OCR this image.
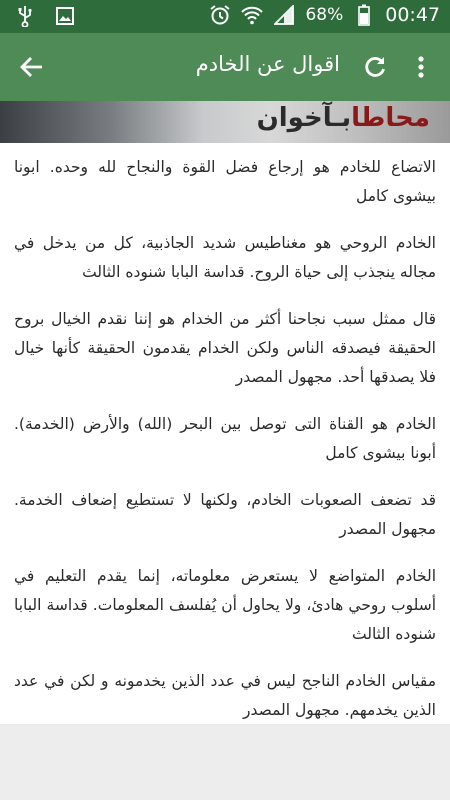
68% 00:47
اقوال عن الخادم
محاطابـآخوان

الاتضاع للخادم هو إرجاع فضل القوة والنجاح لله وحده. ابونا بيشوى كامل

الخادم الروحي هو مغناطيس شديد الجاذبية، كل من يدخل في مجاله ينجذب إلى حياة الروح. قداسة البابا شنوده الثالث

قال ممثل سبب نجاحنا أكثر من الخدام هو إننا نقدم الخيال بروح الحقيقة فيصدقه الناس ولكن الخدام يقدمون الحقيقة كأنها خيال فلا يصدقها أحد. مجهول المصدر

الخادم هو القناة التى توصل بين البحر (الله) والأرض (الخدمة). أبونا بيشوى كامل

قد تضعف الصعوبات الخادم، ولكنها لا تستطيع إضعاف الخدمة. مجهول المصدر

الخادم المتواضع لا يستعرض معلوماته، إنما يقدم التعليم في أسلوب روحي هادئ، ولا يحاول أن يُفلسف المعلومات. قداسة البابا شنوده الثالث

مقياس الخادم الناجح ليس في عدد الذين يخدمونه و لكن في عدد الذين يخدمهم. مجهول المصدر
